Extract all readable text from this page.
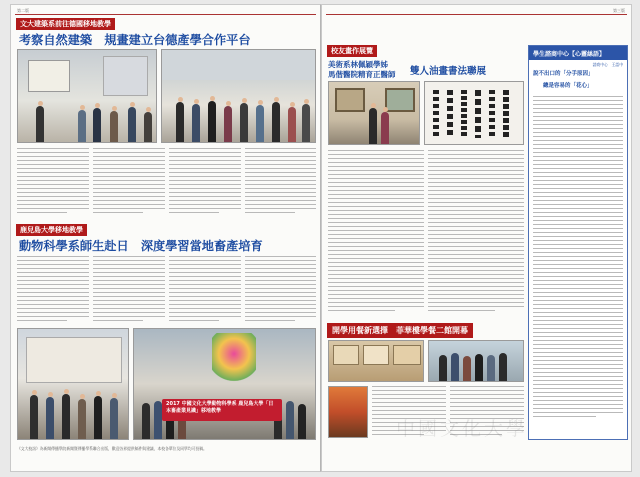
第二版
文大建築系前往德國移地教學
考察自然建築　規畫建立台德產學合作平台
鹿兒島大學移地教學
動物科學系師生赴日　深度學習當地畜產培育
2017 中國文化大學動物科學系 鹿兒島大學「日本畜產業見識」移地教學
《文大校訊》為新聞傳播學院新聞暨傳播學系聯合出版，歡迎各界提供稿件與建議，本校各單位及同學均可投稿。
第三版
校友畫作展覽
美術系林佩穎學姊
馬偕醫院精育正醫師 雙人油畫書法聯展
學生諮商中心【心靈絲語】
諮商中心　王認中
說不出口的「分手原因」
總是容易的「花心」
開學用餐新選擇　菲華樓學餐二館開幕
中國文化大學
